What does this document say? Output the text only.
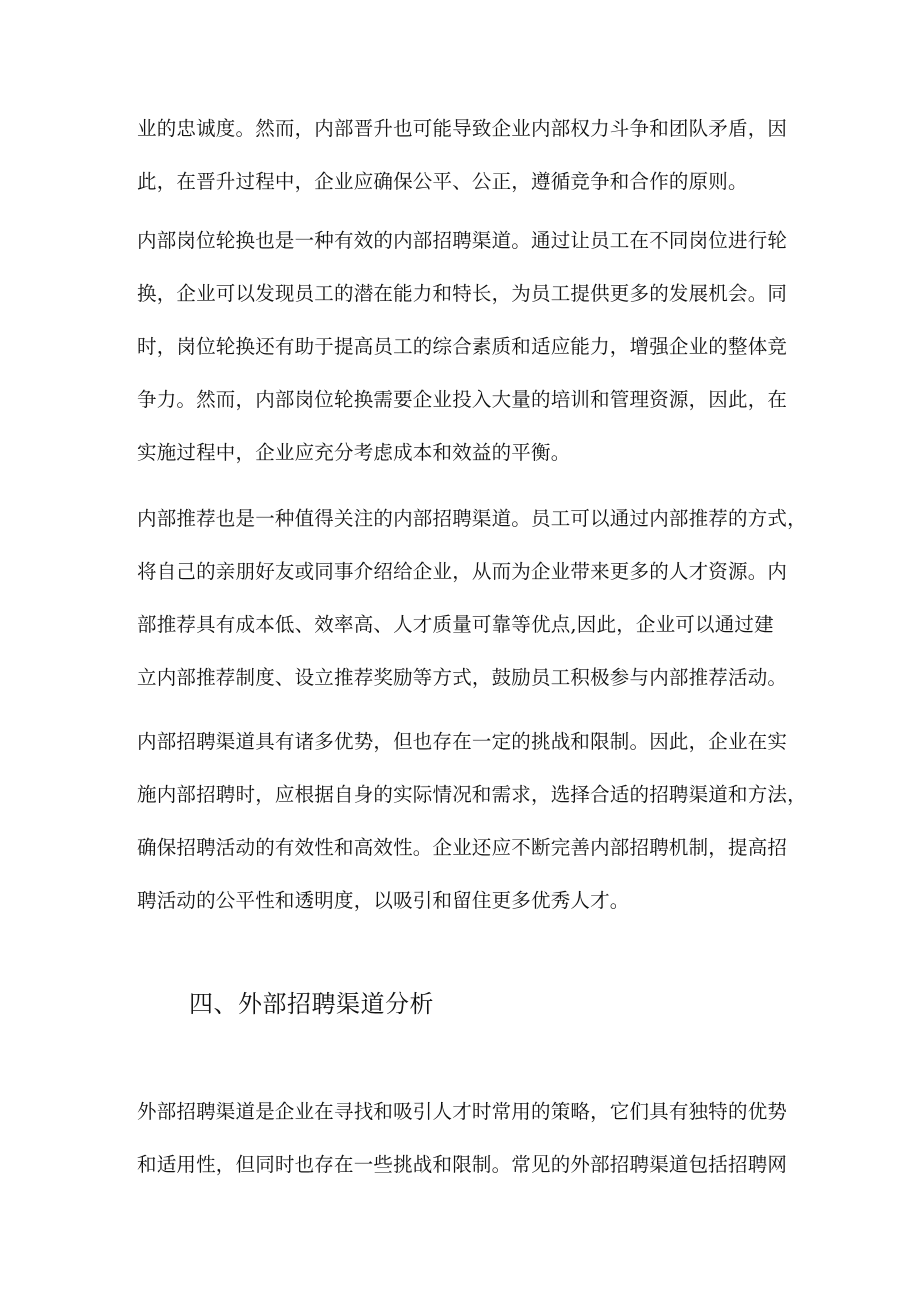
业的忠诚度。然而，内部晋升也可能导致企业内部权力斗争和团队矛盾，因
此，在晋升过程中，企业应确保公平、公正，遵循竞争和合作的原则。
内部岗位轮换也是一种有效的内部招聘渠道。通过让员工在不同岗位进行轮
换，企业可以发现员工的潜在能力和特长，为员工提供更多的发展机会。同
时，岗位轮换还有助于提高员工的综合素质和适应能力，增强企业的整体竞
争力。然而，内部岗位轮换需要企业投入大量的培训和管理资源，因此，在
实施过程中，企业应充分考虑成本和效益的平衡。
内部推荐也是一种值得关注的内部招聘渠道。员工可以通过内部推荐的方式，
将自己的亲朋好友或同事介绍给企业，从而为企业带来更多的人才资源。内
部推荐具有成本低、效率高、人才质量可靠等优点,因此，企业可以通过建
立内部推荐制度、设立推荐奖励等方式，鼓励员工积极参与内部推荐活动。
内部招聘渠道具有诸多优势，但也存在一定的挑战和限制。因此，企业在实
施内部招聘时，应根据自身的实际情况和需求，选择合适的招聘渠道和方法，
确保招聘活动的有效性和高效性。企业还应不断完善内部招聘机制，提高招
聘活动的公平性和透明度，以吸引和留住更多优秀人才。
四、外部招聘渠道分析
外部招聘渠道是企业在寻找和吸引人才时常用的策略，它们具有独特的优势
和适用性，但同时也存在一些挑战和限制。常见的外部招聘渠道包括招聘网
